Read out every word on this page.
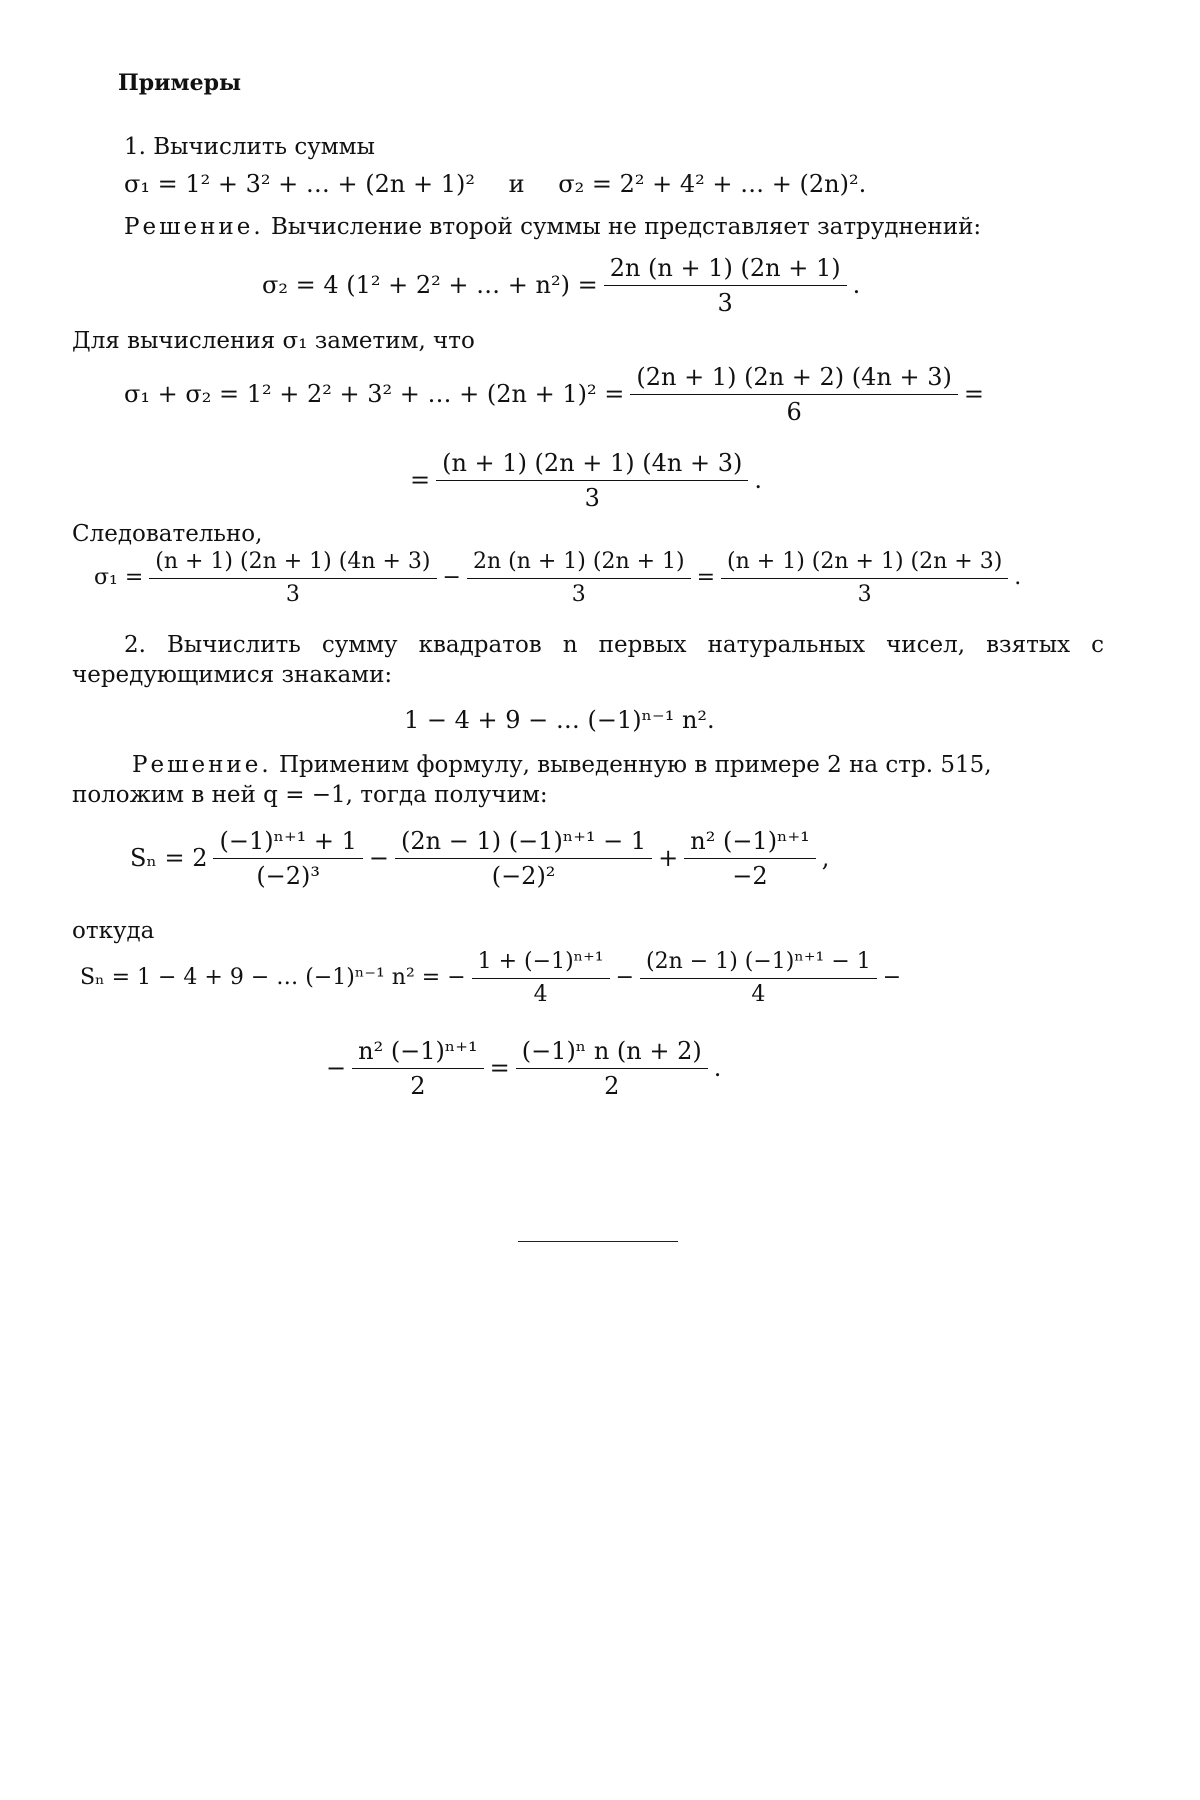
Примеры
1. Вычислить суммы
σ₁ = 1² + 3² + … + (2n + 1)² и σ₂ = 2² + 4² + … + (2n)².
Решение. Вычисление второй суммы не представляет затруднений:
σ₂ = 4 (1² + 2² + … + $n^2) = \frac{2n (n + 1) (2n + 1)}{3}$ .
Для вычисления σ₁ заметим, что
σ₁ + σ₂ = 1² + 2² + 3² + … + $(2n + 1)^2 = \frac{(2n + 1) (2n + 2) (4n + 3)}{6}$ =
= $\frac{(n + 1) (2n + 1) (4n + 3)}{3}$ .
Следовательно,
$\sigma_1 = \frac{(n + 1) (2n + 1) (4n + 3)}{3} - \frac{2n (n + 1) (2n + 1)}{3} = \frac{(n + 1) (2n + 1) (2n + 3)}{3}$ .
2. Вычислить сумму квадратов n первых натуральных чисел, взятых с
чередующимися знаками:
1 − 4 + 9 − … (−1)ⁿ⁻¹ n².
Решение. Применим формулу, выведенную в примере 2 на стр. 515,
положим в ней q = −1, тогда получим:
$S_n = 2 \frac{\text{(−1)ⁿ⁺¹ + 1}}{\text{(−2)³}} - \frac{\text{(2n − 1) (−1)ⁿ⁺¹ − 1}}{\text{(−2)²}} + \frac{\text{n² (−1)ⁿ⁺¹}}{-2}$ ,
откуда
Sₙ = 1 − 4 + 9 − … (−1)ⁿ⁻¹ n² = − $\frac{\text{1 + (−1)ⁿ⁺¹}}{4} - \frac{\text{(2n − 1) (−1)ⁿ⁺¹ − 1}}{4}$ −
− $\frac{\text{n² (−1)ⁿ⁺¹}}{2} = \frac{\text{(−1)ⁿ n (n + 2)}}{2}$ .
